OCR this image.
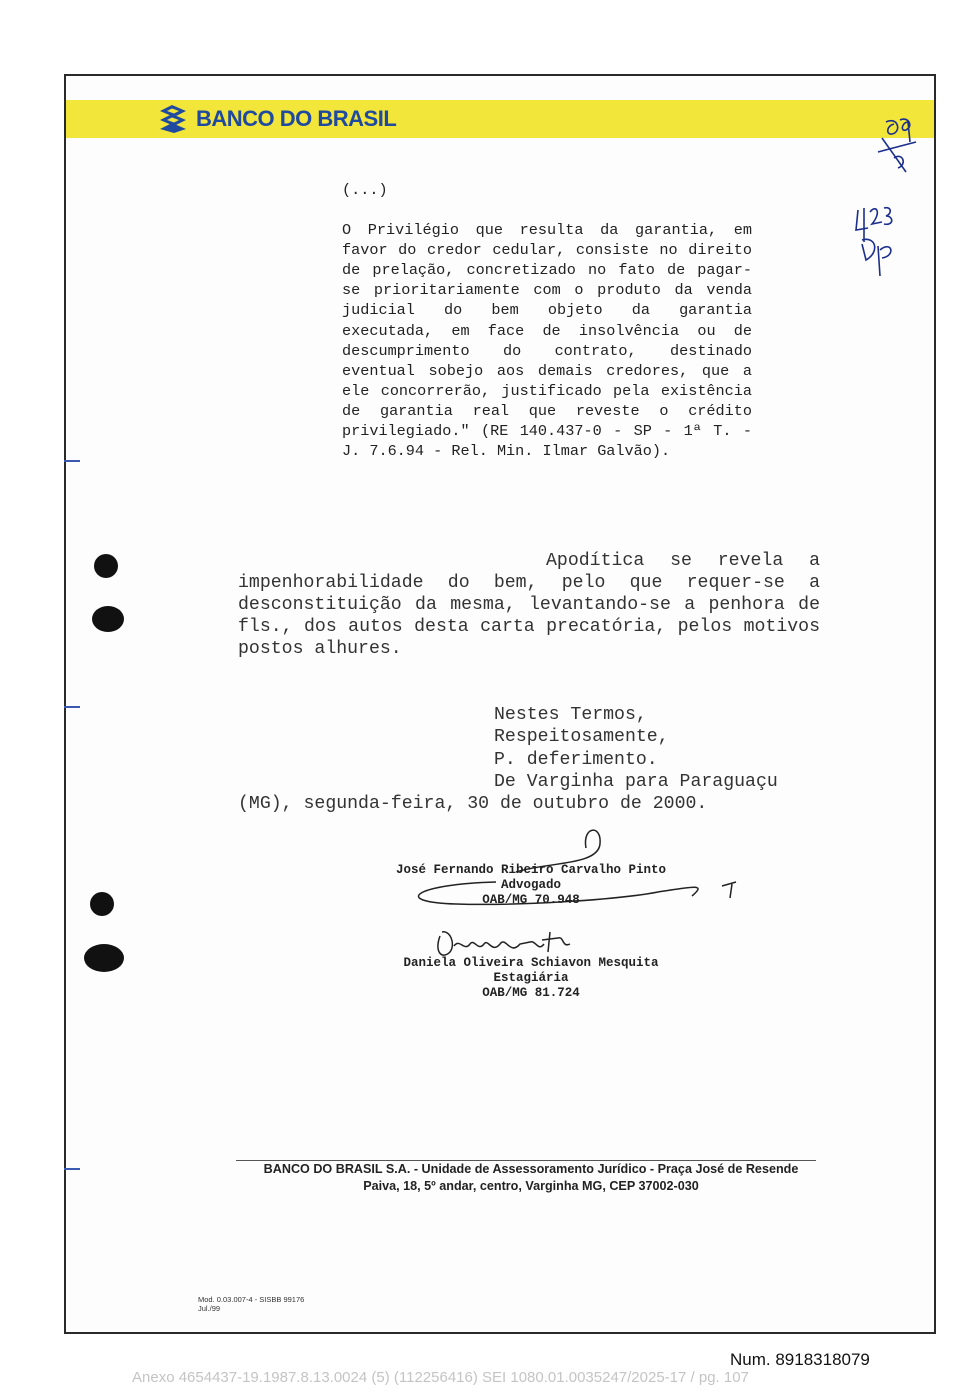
BANCO DO BRASIL	69
428

(...)

O Privilégio que resulta da garantia, em favor do credor cedular, consiste no direito de prelação, concretizado no fato de pagar-se prioritariamente com o produto da venda judicial do bem objeto da garantia executada, em face de insolvência ou de descumprimento do contrato, destinado eventual sobejo aos demais credores, que a ele concorrerão, justificado pela existência de garantia real que reveste o crédito privilegiado." (RE 140.437-0 - SP - 1ª T. - J. 7.6.94 - Rel. Min. Ilmar Galvão).

Apodítica se revela a impenhorabilidade do bem, pelo que requer-se a desconstituição da mesma, levantando-se a penhora de fls., dos autos desta carta precatória, pelos motivos postos alhures.

Nestes Termos,
Respeitosamente,
P. deferimento.
De Varginha para Paraguaçu
(MG), segunda-feira, 30 de outubro de 2000.
José Fernando Ribeiro Carvalho Pinto
Advogado
OAB/MG 70.948
Daniela Oliveira Schiavon Mesquita
Estagiária
OAB/MG 81.724
BANCO DO BRASIL S.A. - Unidade de Assessoramento Jurídico - Praça José de Resende
Paiva, 18, 5º andar, centro, Varginha MG, CEP 37002-030
Mod. 0.03.007-4 - SISBB 99176
Jul./99
Num. 8918318079
Anexo 4654437-19.1987.8.13.0024 (5) (112256416) SEI 1080.01.0035247/2025-17 / pg. 107
